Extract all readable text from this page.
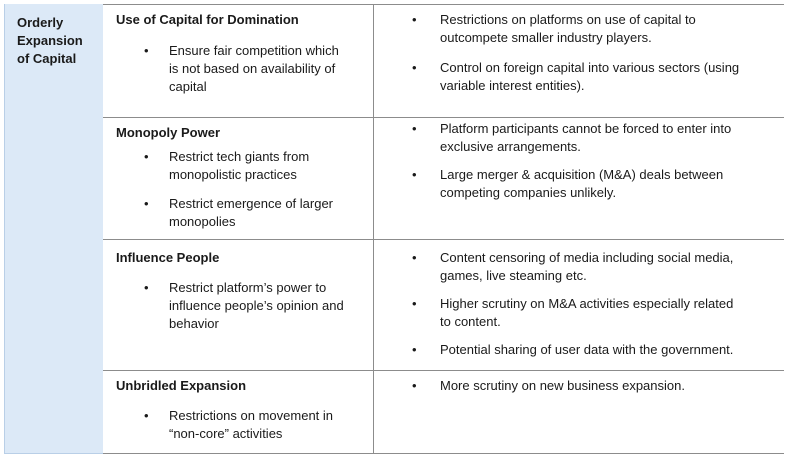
Orderly
Expansion
of Capital
Use of Capital for Domination
• Ensure fair competition which
is not based on availability of
capital
• Restrictions on platforms on use of capital to
outcompete smaller industry players.
• Control on foreign capital into various sectors (using
variable interest entities).
Monopoly Power
• Restrict tech giants from
monopolistic practices
• Restrict emergence of larger
monopolies
• Platform participants cannot be forced to enter into
exclusive arrangements.
• Large merger & acquisition (M&A) deals between
competing companies unlikely.
Influence People
• Restrict platform’s power to
influence people’s opinion and
behavior
• Content censoring of media including social media,
games, live steaming etc.
• Higher scrutiny on M&A activities especially related
to content.
• Potential sharing of user data with the government.
Unbridled Expansion
• Restrictions on movement in
“non-core” activities
• More scrutiny on new business expansion.
